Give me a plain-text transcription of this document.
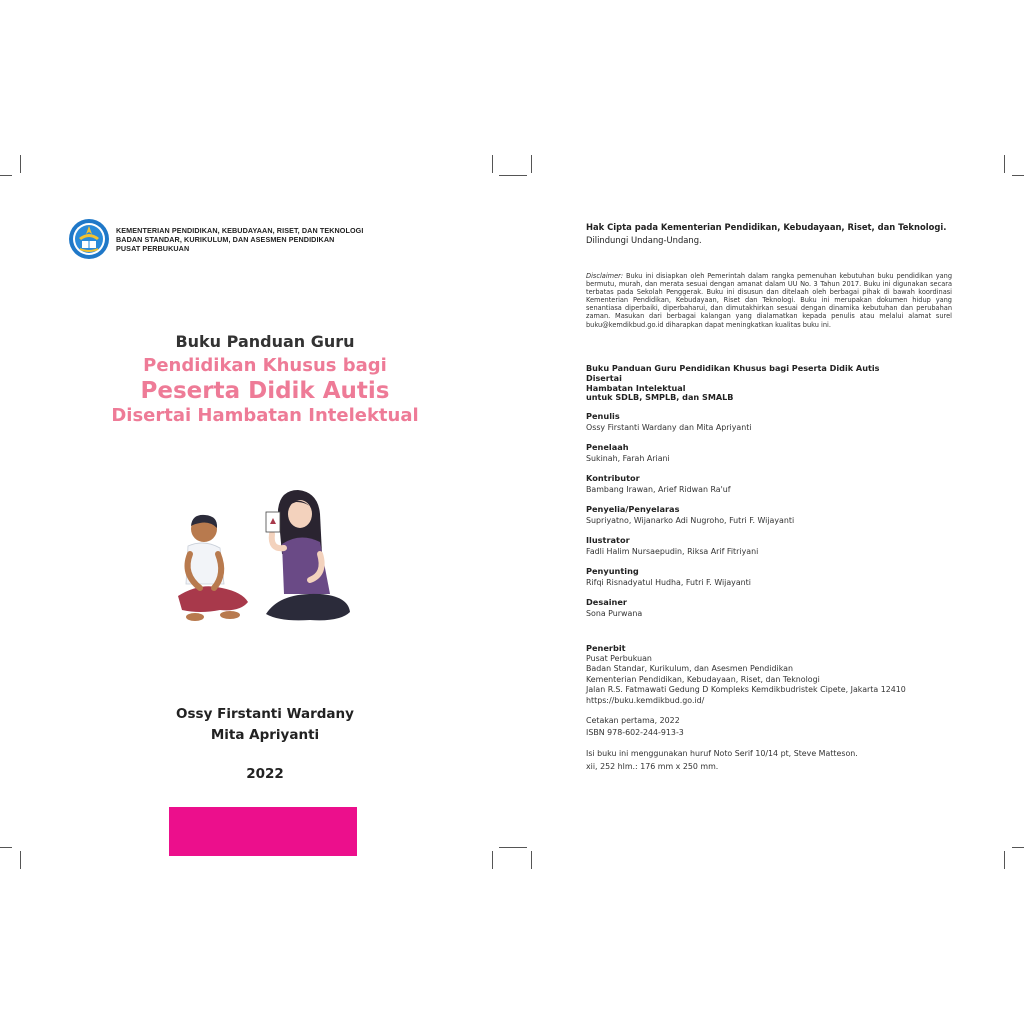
KEMENTERIAN PENDIDIKAN, KEBUDAYAAN, RISET, DAN TEKNOLOGI
BADAN STANDAR, KURIKULUM, DAN ASESMEN PENDIDIKAN
PUSAT PERBUKUAN
Buku Panduan Guru
Pendidikan Khusus bagi
Peserta Didik Autis
Disertai Hambatan Intelektual
Ossy Firstanti Wardany
Mita Apriyanti
2022
Hak Cipta pada Kementerian Pendidikan, Kebudayaan, Riset, dan Teknologi.
Dilindungi Undang-Undang.
Disclaimer: Buku ini disiapkan oleh Pemerintah dalam rangka pemenuhan kebutuhan buku pendidikan yang bermutu, murah, dan merata sesuai dengan amanat dalam UU No. 3 Tahun 2017. Buku ini digunakan secara terbatas pada Sekolah Penggerak. Buku ini disusun dan ditelaah oleh berbagai pihak di bawah koordinasi Kementerian Pendidikan, Kebudayaan, Riset dan Teknologi. Buku ini merupakan dokumen hidup yang senantiasa diperbaiki, diperbaharui, dan dimutakhirkan sesuai dengan dinamika kebutuhan dan perubahan zaman. Masukan dari berbagai kalangan yang dialamatkan kepada penulis atau melalui alamat surel buku@kemdikbud.go.id diharapkan dapat meningkatkan kualitas buku ini.
Buku Panduan Guru Pendidikan Khusus bagi Peserta Didik Autis Disertai
Hambatan Intelektual
untuk SDLB, SMPLB, dan SMALB
Penulis
Ossy Firstanti Wardany dan Mita Apriyanti
Penelaah
Sukinah, Farah Ariani
Kontributor
Bambang Irawan, Arief Ridwan Ra'uf
Penyelia/Penyelaras
Supriyatno, Wijanarko Adi Nugroho, Futri F. Wijayanti
Ilustrator
Fadli Halim Nursaepudin, Riksa Arif Fitriyani
Penyunting
Rifqi Risnadyatul Hudha, Futri F. Wijayanti
Desainer
Sona Purwana
Penerbit
Pusat Perbukuan
Badan Standar, Kurikulum, dan Asesmen Pendidikan
Kementerian Pendidikan, Kebudayaan, Riset, dan Teknologi
Jalan R.S. Fatmawati Gedung D Kompleks Kemdikbudristek Cipete, Jakarta 12410
https://buku.kemdikbud.go.id/
Cetakan pertama, 2022
ISBN 978-602-244-913-3
Isi buku ini menggunakan huruf Noto Serif 10/14 pt, Steve Matteson.
xii, 252 hlm.: 176 mm x 250 mm.
